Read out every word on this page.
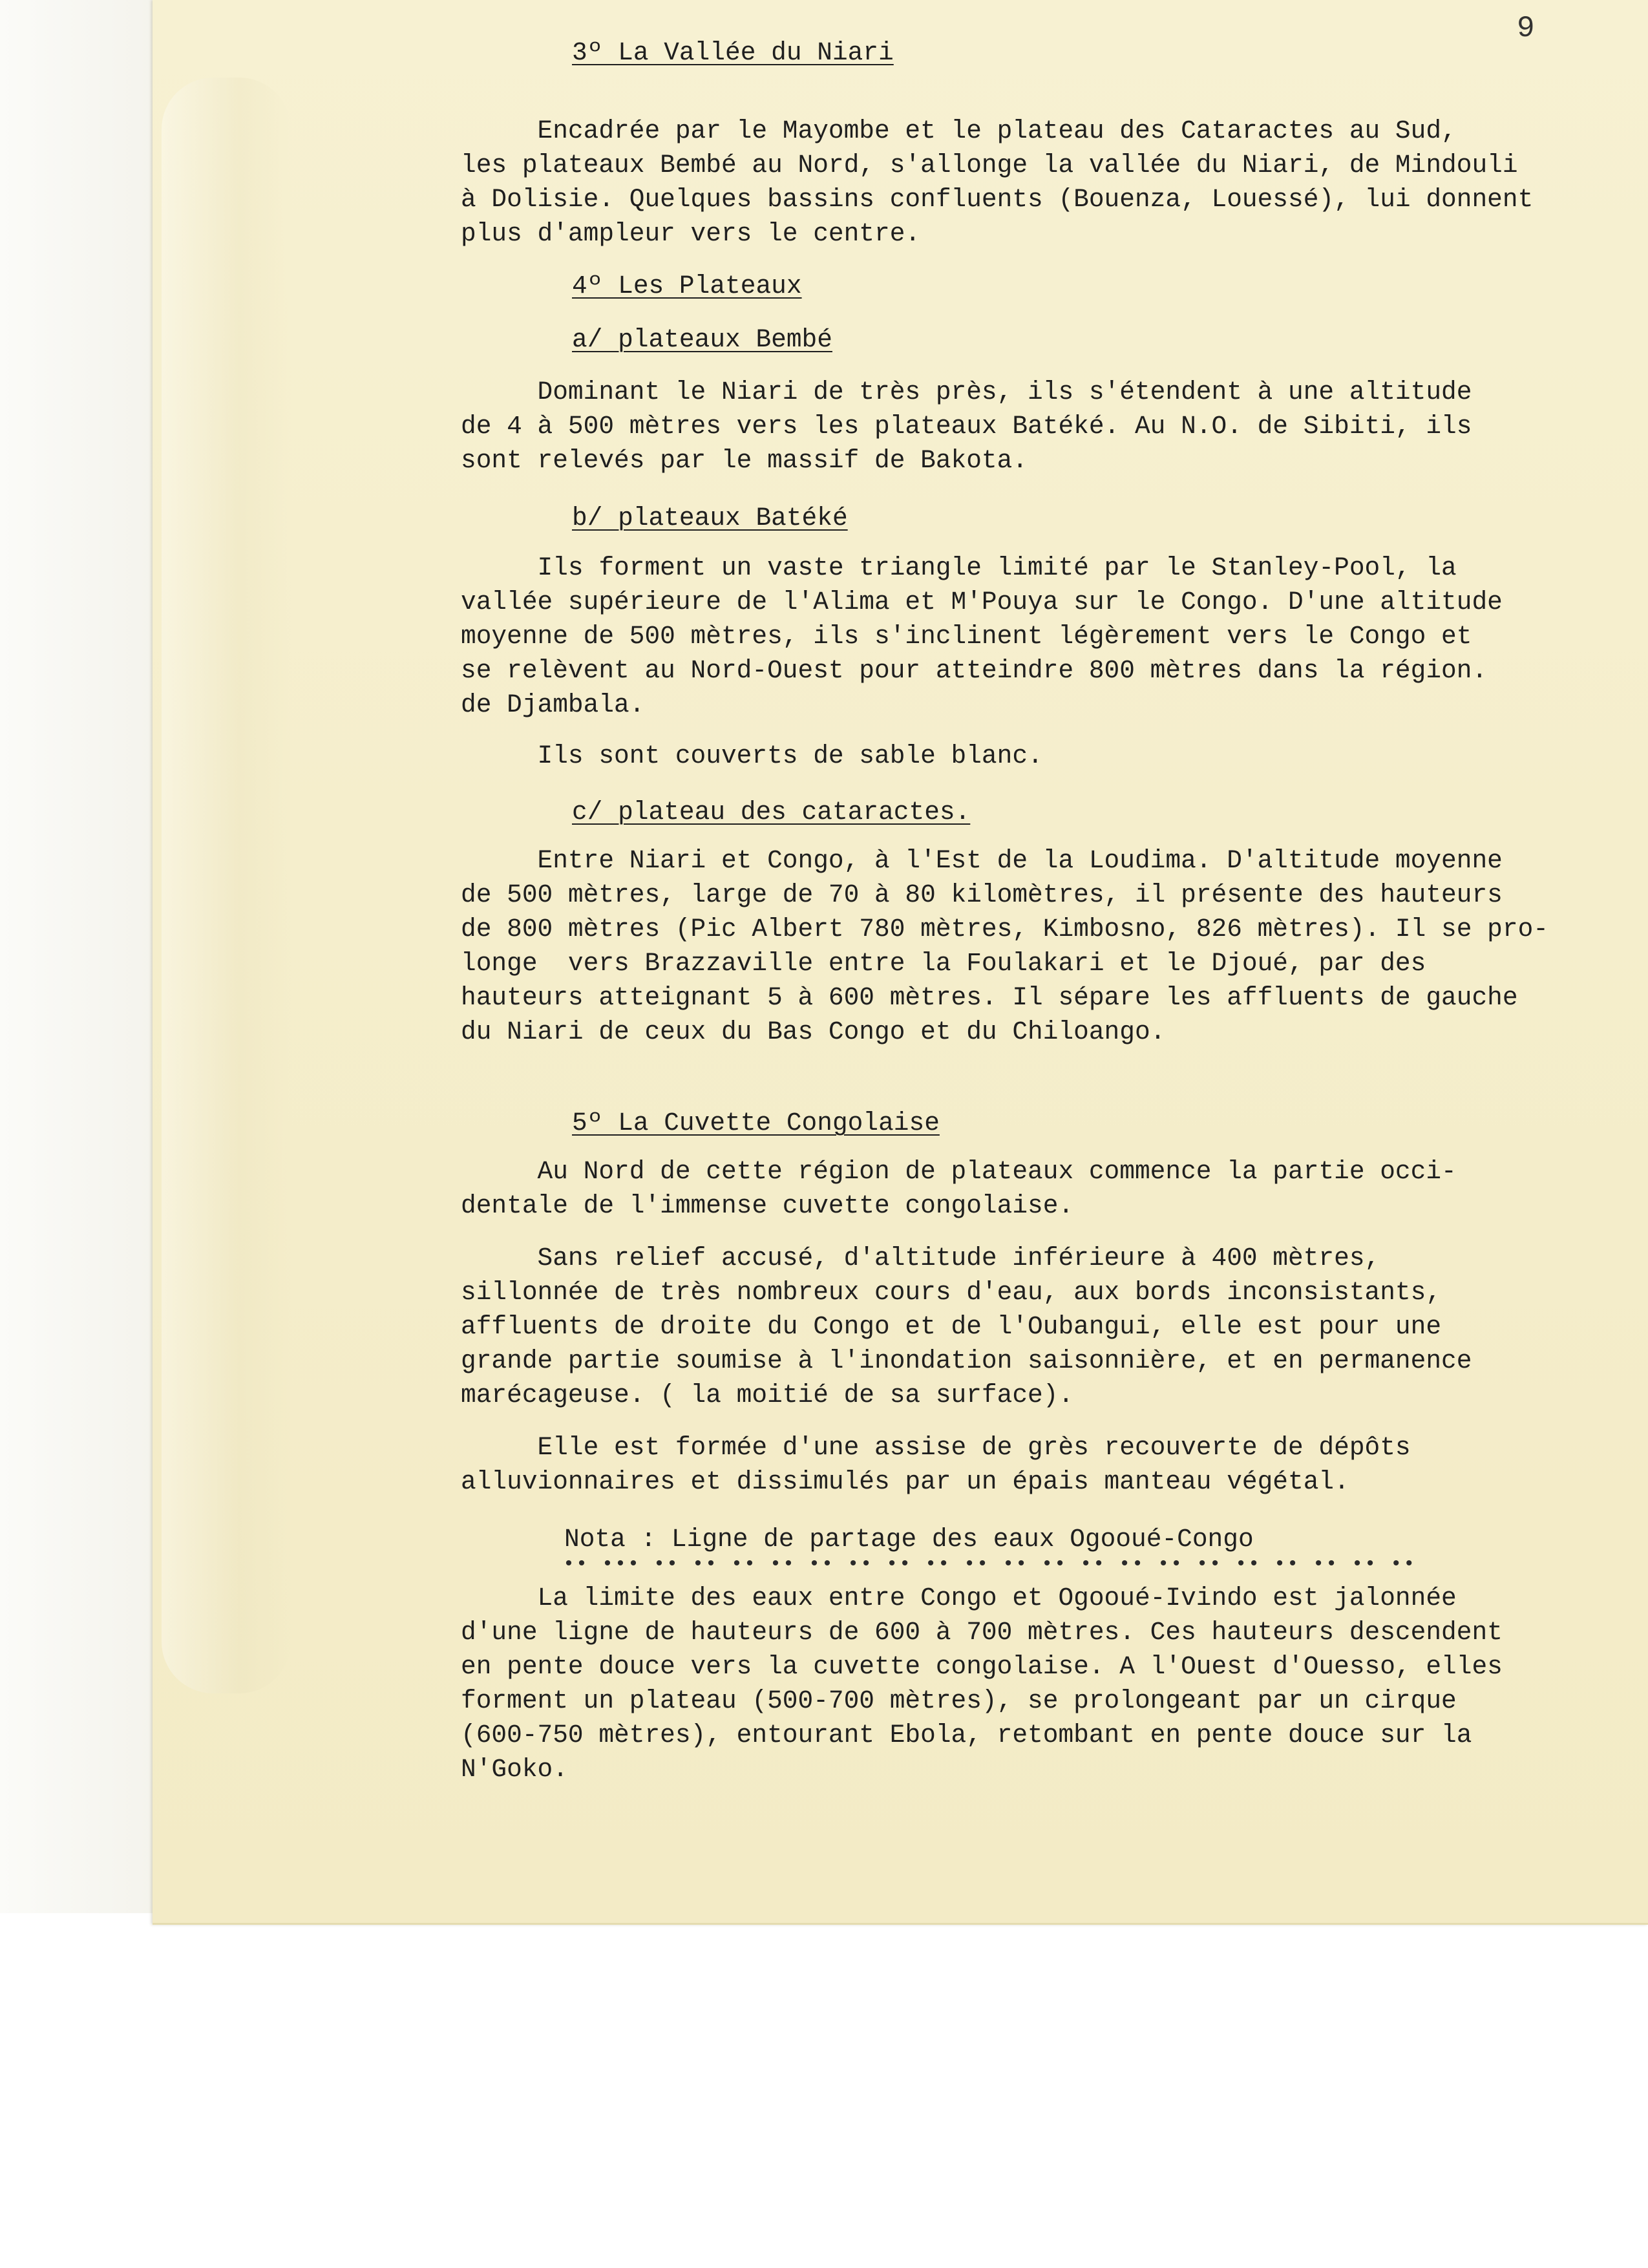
9
3º La Vallée du Niari
Encadrée par le Mayombe et le plateau des Cataractes au Sud,
les plateaux Bembé au Nord, s'allonge la vallée du Niari, de Mindouli
à Dolisie. Quelques bassins confluents (Bouenza, Louessé), lui donnent
plus d'ampleur vers le centre.
4º Les Plateaux
a/ plateaux Bembé
Dominant le Niari de très près, ils s'étendent à une altitude
de 4 à 500 mètres vers les plateaux Batéké. Au N.O. de Sibiti, ils
sont relevés par le massif de Bakota.
b/ plateaux Batéké
Ils forment un vaste triangle limité par le Stanley-Pool, la
vallée supérieure de l'Alima et M'Pouya sur le Congo. D'une altitude
moyenne de 500 mètres, ils s'inclinent légèrement vers le Congo et
se relèvent au Nord-Ouest pour atteindre 800 mètres dans la région.
de Djambala.
Ils sont couverts de sable blanc.
c/ plateau des cataractes.
Entre Niari et Congo, à l'Est de la Loudima. D'altitude moyenne
de 500 mètres, large de 70 à 80 kilomètres, il présente des hauteurs
de 800 mètres (Pic Albert 780 mètres, Kimbosno, 826 mètres). Il se pro-
longe  vers Brazzaville entre la Foulakari et le Djoué, par des
hauteurs atteignant 5 à 600 mètres. Il sépare les affluents de gauche
du Niari de ceux du Bas Congo et du Chiloango.
5º La Cuvette Congolaise
Au Nord de cette région de plateaux commence la partie occi-
dentale de l'immense cuvette congolaise.
Sans relief accusé, d'altitude inférieure à 400 mètres,
sillonnée de très nombreux cours d'eau, aux bords inconsistants,
affluents de droite du Congo et de l'Oubangui, elle est pour une
grande partie soumise à l'inondation saisonnière, et en permanence
marécageuse. ( la moitié de sa surface).
Elle est formée d'une assise de grès recouverte de dépôts
alluvionnaires et dissimulés par un épais manteau végétal.
Nota : Ligne de partage des eaux Ogooué-Congo
•• ••• •• •• •• •• •• •• •• •• •• •• •• •• •• •• •• •• •• •• •• ••
La limite des eaux entre Congo et Ogooué-Ivindo est jalonnée
d'une ligne de hauteurs de 600 à 700 mètres. Ces hauteurs descendent
en pente douce vers la cuvette congolaise. A l'Ouest d'Ouesso, elles
forment un plateau (500-700 mètres), se prolongeant par un cirque
(600-750 mètres), entourant Ebola, retombant en pente douce sur la
N'Goko.
